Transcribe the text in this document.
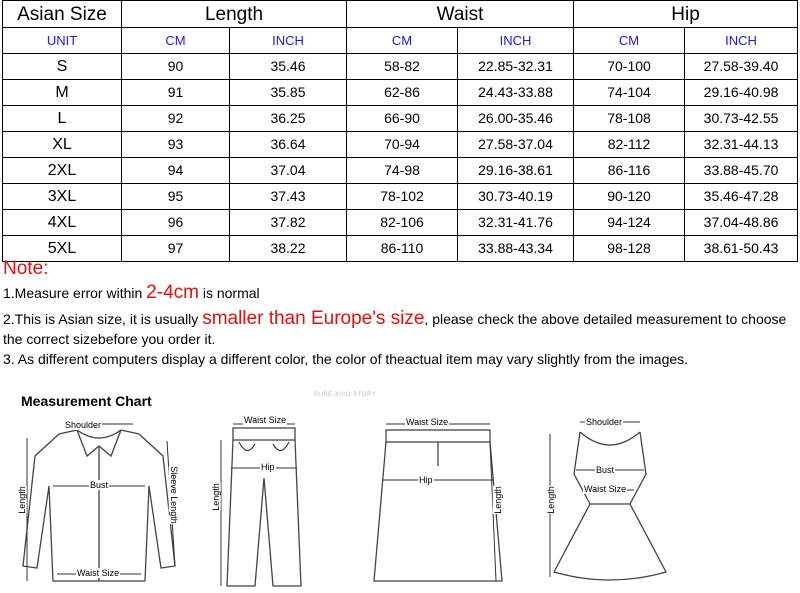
Asian Size	Length		Waist		Hip	
UNIT	CM	INCH	CM	INCH	CM	INCH
S	90	35.46	58-82	22.85-32.31	70-100	27.58-39.40
M	91	35.85	62-86	24.43-33.88	74-104	29.16-40.98
L	92	36.25	66-90	26.00-35.46	78-108	30.73-42.55
XL	93	36.64	70-94	27.58-37.04	82-112	32.31-44.13
2XL	94	37.04	74-98	29.16-38.61	86-116	33.88-45.70
3XL	95	37.43	78-102	30.73-40.19	90-120	35.46-47.28
4XL	96	37.82	82-106	32.31-41.76	94-124	37.04-48.86
5XL	97	38.22	86-110	33.88-43.34	98-128	38.61-50.43
Note:
1.Measure error within 2-4cm is normal
2.This is Asian size, it is usually smaller than Europe's size, please check the above detailed measurement to choose the correct sizebefore you order it.
3. As different computers display a different color, the color of theactual item may vary slightly from the images.
Measurement Chart	SURE XIAO STORY
Shoulder
Bust
Waist Size
Length	Sleeve Length
Waist Size
Hip
Length
Waist Size
Hip
Length
Shoulder
Bust
Waist Size
Length
